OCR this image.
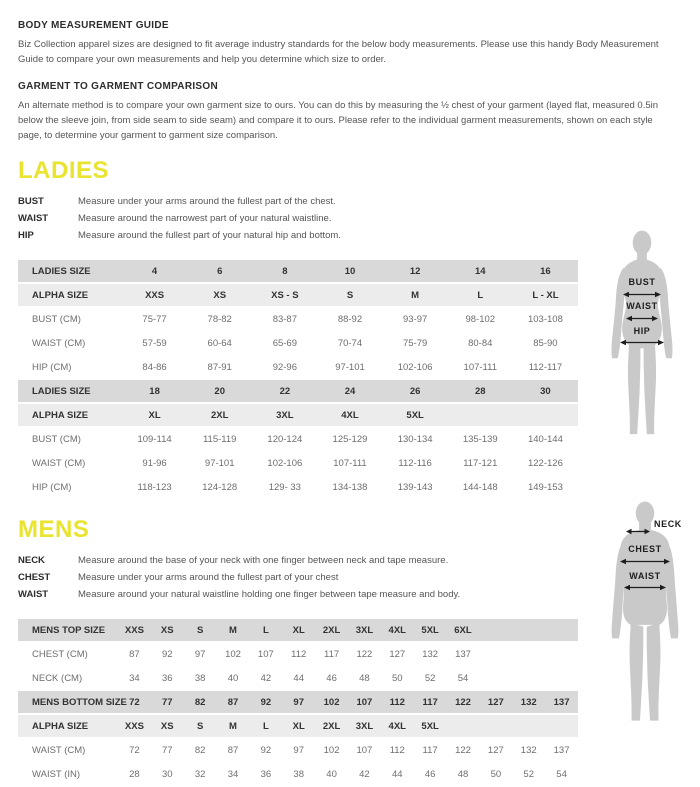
BODY MEASUREMENT GUIDE

Biz Collection apparel sizes are designed to fit average industry standards for the below body measurements. Please use this handy Body Measurement Guide to compare your own measurements and help you determine which size to order.

GARMENT TO GARMENT COMPARISON

An alternate method is to compare your own garment size to ours. You can do this by measuring the ½ chest of your garment (layed flat, measured 0.5in below the sleeve join, from side seam to side seam) and compare it to ours. Please refer to the individual garment measurements, shown on each style page, to determine your garment to garment size comparison.

LADIES
BUST	Measure under your arms around the fullest part of the chest.
WAIST	Measure around the narrowest part of your natural waistline.
HIP	Measure around the fullest part of your natural hip and bottom.
LADIES SIZE	4	6	8	10	12	14	16
ALPHA SIZE	XXS	XS	XS - S	S	M	L	L - XL
BUST (CM)	75-77	78-82	83-87	88-92	93-97	98-102	103-108
WAIST (CM)	57-59	60-64	65-69	70-74	75-79	80-84	85-90
HIP (CM)	84-86	87-91	92-96	97-101	102-106	107-111	112-117
LADIES SIZE	18	20	22	24	26	28	30
ALPHA SIZE	XL	2XL	3XL	4XL	5XL
BUST (CM)	109-114	115-119	120-124	125-129	130-134	135-139	140-144
WAIST (CM)	91-96	97-101	102-106	107-111	112-116	117-121	122-126
HIP (CM)	118-123	124-128	129- 33	134-138	139-143	144-148	149-153
MENS
NECK	Measure around the base of your neck with one finger between neck and tape measure.
CHEST	Measure under your arms around the fullest part of your chest
WAIST	Measure around your natural waistline holding one finger between tape measure and body.
MENS TOP SIZE	XXS	XS	S	M	L	XL	2XL	3XL	4XL	5XL	6XL
CHEST (CM)	87	92	97	102	107	112	117	122	127	132	137
NECK (CM)	34	36	38	40	42	44	46	48	50	52	54
MENS BOTTOM SIZE 72	77	82	87	92	97	102	107	112	117	122	127	132	137
ALPHA SIZE	XXS	XS	S	M	L	XL	2XL	3XL	4XL	5XL
WAIST (CM)	72	77	82	87	92	97	102	107	112	117	122	127	132	137
WAIST (IN)	28	30	32	34	36	38	40	42	44	46	48	50	52	54
BUST
WAIST
HIP
NECK
CHEST
WAIST
